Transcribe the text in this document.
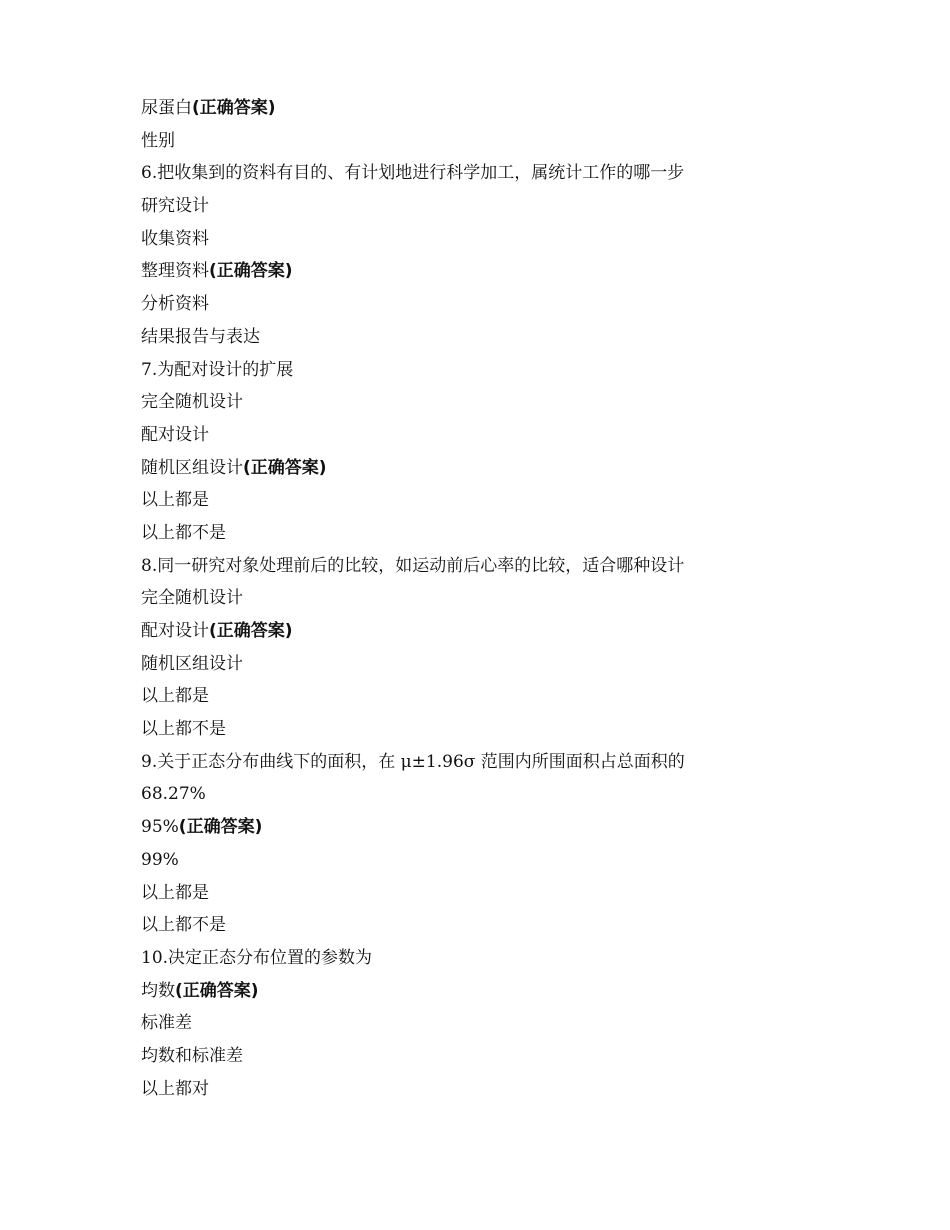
尿蛋白(正确答案)
性别
6.把收集到的资料有目的、有计划地进行科学加工，属统计工作的哪一步
研究设计
收集资料
整理资料(正确答案)
分析资料
结果报告与表达
7.为配对设计的扩展
完全随机设计
配对设计
随机区组设计(正确答案)
以上都是
以上都不是
8.同一研究对象处理前后的比较，如运动前后心率的比较，适合哪种设计
完全随机设计
配对设计(正确答案)
随机区组设计
以上都是
以上都不是
9.关于正态分布曲线下的面积，在 μ±1.96σ 范围内所围面积占总面积的
68.27%
95%(正确答案)
99%
以上都是
以上都不是
10.决定正态分布位置的参数为
均数(正确答案)
标准差
均数和标准差
以上都对
